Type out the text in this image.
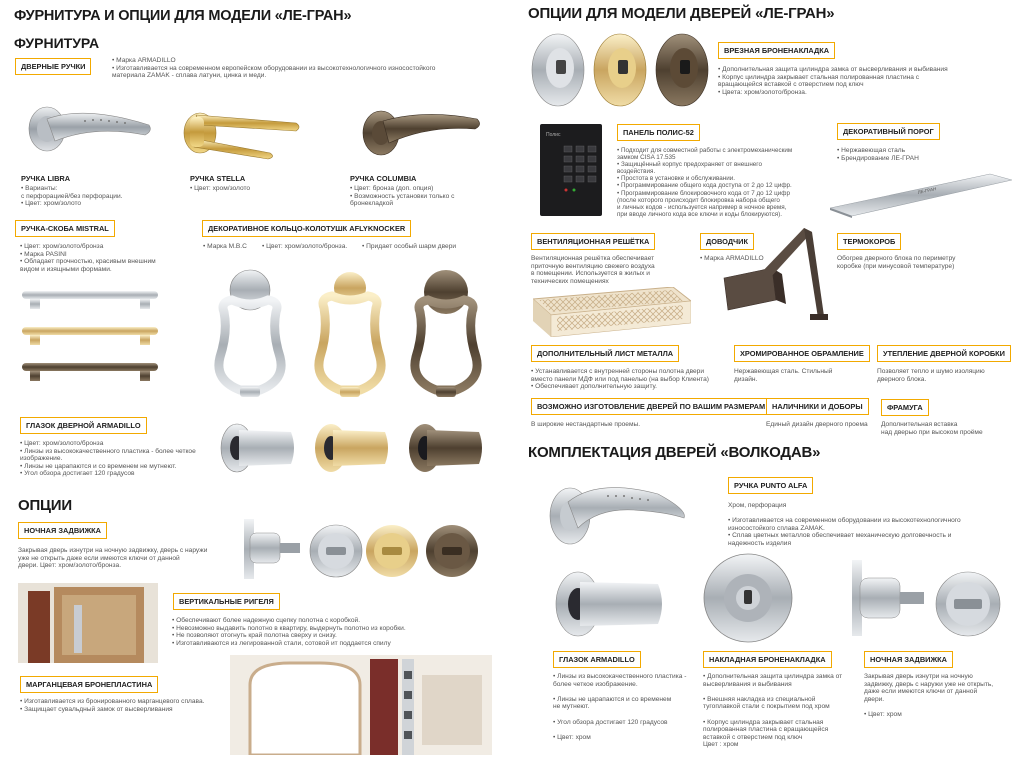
ФУРНИТУРА И ОПЦИИ ДЛЯ МОДЕЛИ «ЛЕ-ГРАН»
ФУРНИТУРА
ДВЕРНЫЕ РУЧКИ
• Марка ARMADILLO
• Изготавливается на современном европейском оборудовании из высокотехнологичного износостойкого
материала ZAMAK - сплава латуни, цинка и меди.
РУЧКА LIBRA
• Варианты:
с перфорацией/без перфорации.
• Цвет: хром/золото
РУЧКА STELLA
• Цвет: хром/золото
РУЧКА COLUMBIA
• Цвет: бронза (доп. опция)
• Возможность установки только с
бронекладкой
РУЧКА-СКОБА MISTRAL
• Цвет: хром/золото/бронза
• Марка PASINI
• Обладает прочностью, красивым внешним
видом и изящными формами.
ДЕКОРАТИВНОЕ КОЛЬЦО-КОЛОТУШК AFLYKNOCKER
• Марка M.B.C	• Цвет: хром/золото/бронза.	• Придает особый шарм двери
ГЛАЗОК ДВЕРНОЙ ARMADILLO
• Цвет: хром/золото/бронза
• Линзы из высококачественного пластика - более четкое
изображение.
• Линзы не царапаются и со временем не мутнеют.
• Угол обзора достигает 120 градусов
ОПЦИИ
НОЧНАЯ ЗАДВИЖКА
Закрывая дверь изнутри на ночную задвижку, дверь с наружи
уже не открыть даже если имеются ключи от данной
двери. Цвет: хром/золото/бронза.
ВЕРТИКАЛЬНЫЕ РИГЕЛЯ
• Обеспечивают более надежную сцепку полотна с коробкой.
• Невозможно выдавить полотно в квартиру, выдернуть полотно из коробки.
• Не позволяют отогнуть край полотна сверху и снизу.
• Изготавливаются из легированной стали, сотовой ит поддается спилу
МАРГАНЦЕВАЯ БРОНЕПЛАСТИНА
• Изготавливается из бронированного марганцевого сплава.
• Защищает сувальдный замок от высверливания
ОПЦИИ ДЛЯ МОДЕЛИ ДВЕРЕЙ «ЛЕ-ГРАН»
ВРЕЗНАЯ БРОНЕНАКЛАДКА
• Дополнительная защита цилиндра замка от высверливания и выбивания
• Корпус цилиндра закрывает стальная полированная пластина с
вращающейся вставкой с отверстием под ключ
• Цвета: хром/золото/бронза.
Полис	ПАНЕЛЬ ПОЛИС-52
• Подходит для совместной работы с электромеханическим
замком CISA 17.535
• Защищённый корпус предохраняет от внешнего
воздействия.
• Простота в установке и обслуживании.
• Программирование общего кода доступа от 2 до 12 цифр.
• Программирование блокировочного кода от 7 до 12 цифр
(после которого происходит блокировка набора общего
и личных кодов - используется например в ночное время,
при вводе личного кода все ключи и коды блокируются).
ДЕКОРАТИВНЫЙ ПОРОГ
• Нержавеющая сталь
• Брендирование ЛЕ-ГРАН
ЛЕ-ГРАН
ВЕНТИЛЯЦИОННАЯ РЕШЁТКА
Вентиляционная решётка обеспечивает
приточную вентиляцию свежего воздуха
в помещении. Используется в жилых и
технических помещениях
ДОВОДЧИК
• Марка ARMADILLO
ТЕРМОКОРОБ
Обогрев дверного блока по периметру
коробке (при минусовой температуре)
ДОПОЛНИТЕЛЬНЫЙ ЛИСТ МЕТАЛЛА
• Устанавливается с внутренней стороны полотна двери
вместо панели МДФ или под панелью (на выбор Клиента)
• Обеспечивает дополнительную защиту.
ХРОМИРОВАННОЕ ОБРАМЛЕНИЕ
Нержавеющая сталь. Стильный
дизайн.
УТЕПЛЕНИЕ ДВЕРНОЙ КОРОБКИ
Позволяет тепло и шумо изоляцию
дверного блока.
ВОЗМОЖНО ИЗГОТОВЛЕНИЕ ДВЕРЕЙ ПО ВАШИМ РАЗМЕРАМ
В широкие нестандартные проемы.
НАЛИЧНИКИ И ДОБОРЫ
Единый дизайн дверного проема
ФРАМУГА
Дополнительная вставка
над дверью при высоком проёме
КОМПЛЕКТАЦИЯ ДВЕРЕЙ «ВОЛКОДАВ»
РУЧКА PUNTO ALFA
Хром, перфорация

• Изготавливается на современном оборудовании из высокотехнологичного
износостойкого сплава ZAMAK.
• Сплав цветных металлов обеспечивает механическую долговечность и
надежность изделия
ГЛАЗОК ARMADILLO
• Линзы из высококачественного пластика -
более четкое изображение.

• Линзы не царапаются и со временем
не мутнеют.

• Угол обзора достигает 120 градусов

• Цвет: хром
НАКЛАДНАЯ БРОНЕНАКЛАДКА
• Дополнительная защита цилиндра замка от
высверливания и выбивания

• Внешняя накладка из специальной
тугоплавкой стали с покрытием под хром

• Корпус цилиндра закрывает стальная
полированная пластина с вращающейся
вставкой с отверстием под ключ
Цвет : хром
НОЧНАЯ ЗАДВИЖКА
Закрывая дверь изнутри на ночную
задвижку, дверь с наружи уже не открыть,
даже если имеются ключи от данной
двери.

• Цвет: хром
